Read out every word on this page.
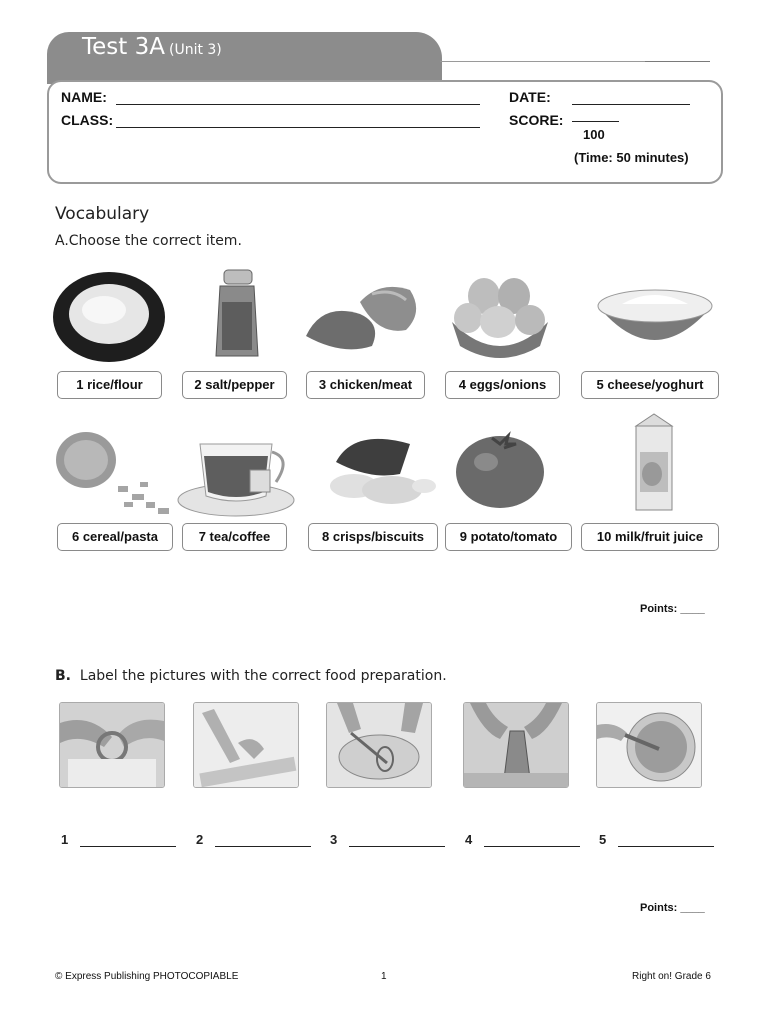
Test 3A (Unit 3)
NAME:
CLASS:
DATE:
SCORE:
100
(Time: 50 minutes)
Vocabulary
A.Choose the correct item.
1 rice/flour	2 salt/pepper	3 chicken/meat	4 eggs/onions	5 cheese/yoghurt
6 cereal/pasta	7 tea/coffee	8 crisps/biscuits	9 potato/tomato	10 milk/fruit juice
Points: ____
B. Label the pictures with the correct food preparation.
1	2	3	4	5
Points: ____
© Express Publishing PHOTOCOPIABLE	1	Right on! Grade 6
